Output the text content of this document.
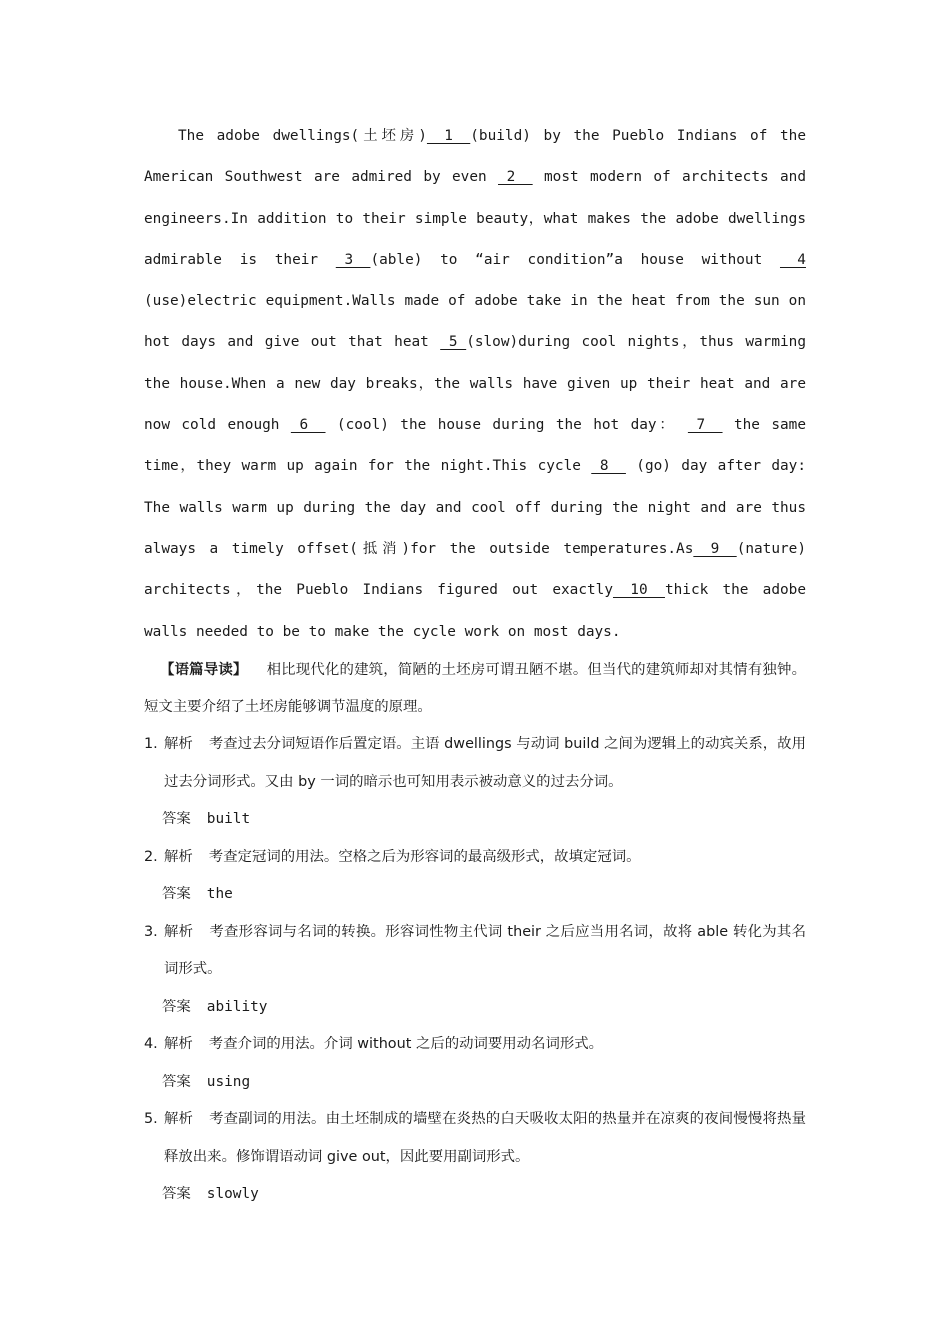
The adobe dwellings(土坯房)  1  (build) by the Pueblo Indians of the American Southwest are admired by even  2   most modern of architects and engineers.In addition to their simple beauty，what makes the adobe dwellings admirable is their  3  (able) to “air condition”a house without   4(use)electric equipment.Walls made of adobe take in the heat from the sun on hot days and give out that heat  5 (slow)during cool nights，thus warming the house.When a new day breaks，the walls have given up their heat and are now cold enough  6   (cool) the house during the hot day：  7   the same time，they warm up again for the night.This cycle  8   (go) day after day: The walls warm up during the day and cool off during the night and are thus always a timely offset(抵消)for the outside temperatures.As  9  (nature) architects，the Pueblo Indians figured out exactly  10  thick the adobe walls needed to be to make the cycle work on most days.

【语篇导读】 相比现代化的建筑，简陋的土坯房可谓丑陋不堪。但当代的建筑师却对其情有独钟。短文主要介绍了土坯房能够调节温度的原理。

1. 解析 考查过去分词短语作后置定语。主语 dwellings 与动词 build 之间为逻辑上的动宾关系，故用过去分词形式。又由 by 一词的暗示也可知用表示被动意义的过去分词。
答案 built
2. 解析 考查定冠词的用法。空格之后为形容词的最高级形式，故填定冠词。
答案 the
3. 解析 考查形容词与名词的转换。形容词性物主代词 their 之后应当用名词，故将 able 转化为其名词形式。
答案 ability
4. 解析 考查介词的用法。介词 without 之后的动词要用动名词形式。
答案 using
5. 解析 考查副词的用法。由土坯制成的墙壁在炎热的白天吸收太阳的热量并在凉爽的夜间慢慢将热量释放出来。修饰谓语动词 give out，因此要用副词形式。
答案 slowly
